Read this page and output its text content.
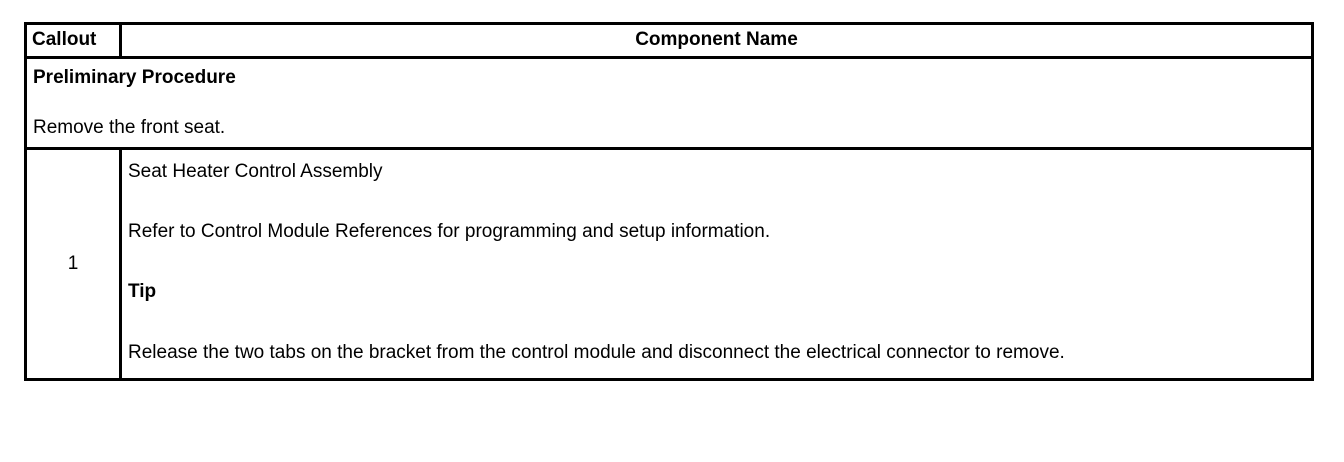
Callout	Component Name

Preliminary Procedure

Remove the front seat.

1

Seat Heater Control Assembly

Refer to Control Module References for programming and setup information.

Tip

Release the two tabs on the bracket from the control module and disconnect the electrical connector to remove.
